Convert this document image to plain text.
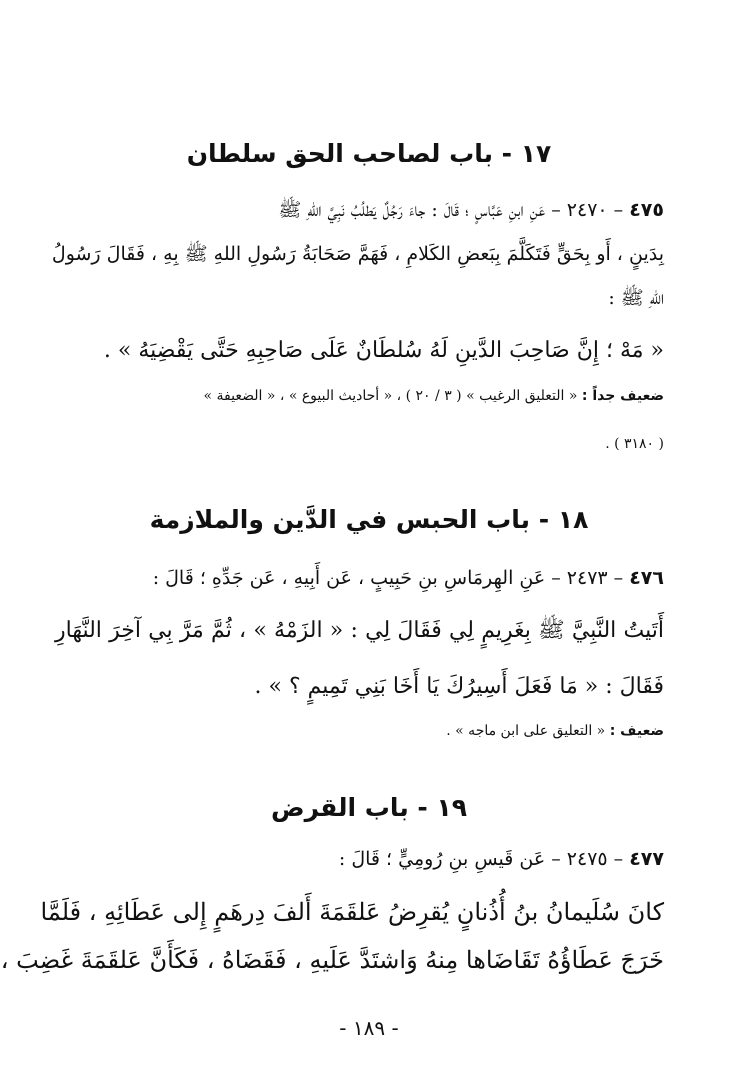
١٧ - باب لصاحب الحق سلطان
٤٧٥ – ٢٤٧٠ – عَنِ ابنِ عَبَّاسٍ ؛ قَالَ : جاءَ رَجُلٌ يَطلُبُ نَبِيَّ اللهِ ﷺ
بِدَينٍ ، أَو بِحَقٍّ فَتَكَلَّمَ بِبَعضِ الكَلامِ ، فَهَمَّ صَحَابَةُ رَسُولِ اللهِ ﷺ بِهِ ، فَقَالَ رَسُولُ
اللهِ ﷺ :
« مَهْ ؛ إِنَّ صَاحِبَ الدَّينِ لَهُ سُلطَانٌ عَلَى صَاحِبِهِ حَتَّى يَقْضِيَهُ » .
ضعيف جداً : « التعليق الرغيب » ( ٣ / ٢٠ ) ، « أحاديث البيوع » ، « الضعيفة »
( ٣١٨٠ ) .
١٨ - باب الحبس في الدَّين والملازمة
٤٧٦ – ٢٤٧٣ – عَنِ الهِرمَاسِ بنِ حَبِيبٍ ، عَن أَبِيهِ ، عَن جَدِّهِ ؛ قَالَ :
أَتَيتُ النَّبِيَّ ﷺ بِغَرِيمٍ لِي فَقَالَ لِي : « الزَمْهُ » ، ثُمَّ مَرَّ بِي آخِرَ النَّهَارِ
فَقَالَ : « مَا فَعَلَ أَسِيرُكَ يَا أَخَا بَنِي تَمِيمٍ ؟ » .
ضعيف : « التعليق على ابن ماجه » .
١٩ - باب القرض
٤٧٧ – ٢٤٧٥ – عَن قَيسِ بنِ رُومِيٍّ ؛ قَالَ :
كانَ سُلَيمانُ بنُ أُذُنانٍ يُقرِضُ عَلقَمَةَ أَلفَ دِرهَمٍ إِلى عَطَائِهِ ، فَلَمَّا
خَرَجَ عَطَاؤُهُ تَقَاضَاها مِنهُ وَاشتَدَّ عَلَيهِ ، فَقَضَاهُ ، فَكَأَنَّ عَلقَمَةَ غَضِبَ ،
- ١٨٩ -
